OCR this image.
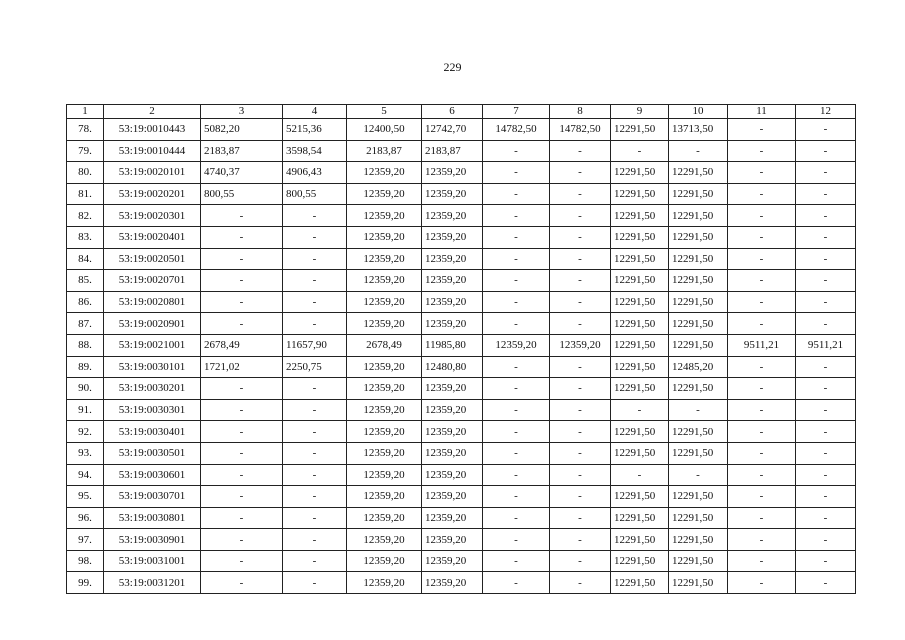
229
1	2	3	4	5	6	7	8	9	10	11	12
78.	53:19:0010443	5082,20	5215,36	12400,50	12742,70	14782,50	14782,50	12291,50	13713,50	-	-
79.	53:19:0010444	2183,87	3598,54	2183,87	2183,87	-	-	-	-	-	-
80.	53:19:0020101	4740,37	4906,43	12359,20	12359,20	-	-	12291,50	12291,50	-	-
81.	53:19:0020201	800,55	800,55	12359,20	12359,20	-	-	12291,50	12291,50	-	-
82.	53:19:0020301	-	-	12359,20	12359,20	-	-	12291,50	12291,50	-	-
83.	53:19:0020401	-	-	12359,20	12359,20	-	-	12291,50	12291,50	-	-
84.	53:19:0020501	-	-	12359,20	12359,20	-	-	12291,50	12291,50	-	-
85.	53:19:0020701	-	-	12359,20	12359,20	-	-	12291,50	12291,50	-	-
86.	53:19:0020801	-	-	12359,20	12359,20	-	-	12291,50	12291,50	-	-
87.	53:19:0020901	-	-	12359,20	12359,20	-	-	12291,50	12291,50	-	-
88.	53:19:0021001	2678,49	11657,90	2678,49	11985,80	12359,20	12359,20	12291,50	12291,50	9511,21	9511,21
89.	53:19:0030101	1721,02	2250,75	12359,20	12480,80	-	-	12291,50	12485,20	-	-
90.	53:19:0030201	-	-	12359,20	12359,20	-	-	12291,50	12291,50	-	-
91.	53:19:0030301	-	-	12359,20	12359,20	-	-	-	-	-	-
92.	53:19:0030401	-	-	12359,20	12359,20	-	-	12291,50	12291,50	-	-
93.	53:19:0030501	-	-	12359,20	12359,20	-	-	12291,50	12291,50	-	-
94.	53:19:0030601	-	-	12359,20	12359,20	-	-	-	-	-	-
95.	53:19:0030701	-	-	12359,20	12359,20	-	-	12291,50	12291,50	-	-
96.	53:19:0030801	-	-	12359,20	12359,20	-	-	12291,50	12291,50	-	-
97.	53:19:0030901	-	-	12359,20	12359,20	-	-	12291,50	12291,50	-	-
98.	53:19:0031001	-	-	12359,20	12359,20	-	-	12291,50	12291,50	-	-
99.	53:19:0031201	-	-	12359,20	12359,20	-	-	12291,50	12291,50	-	-
